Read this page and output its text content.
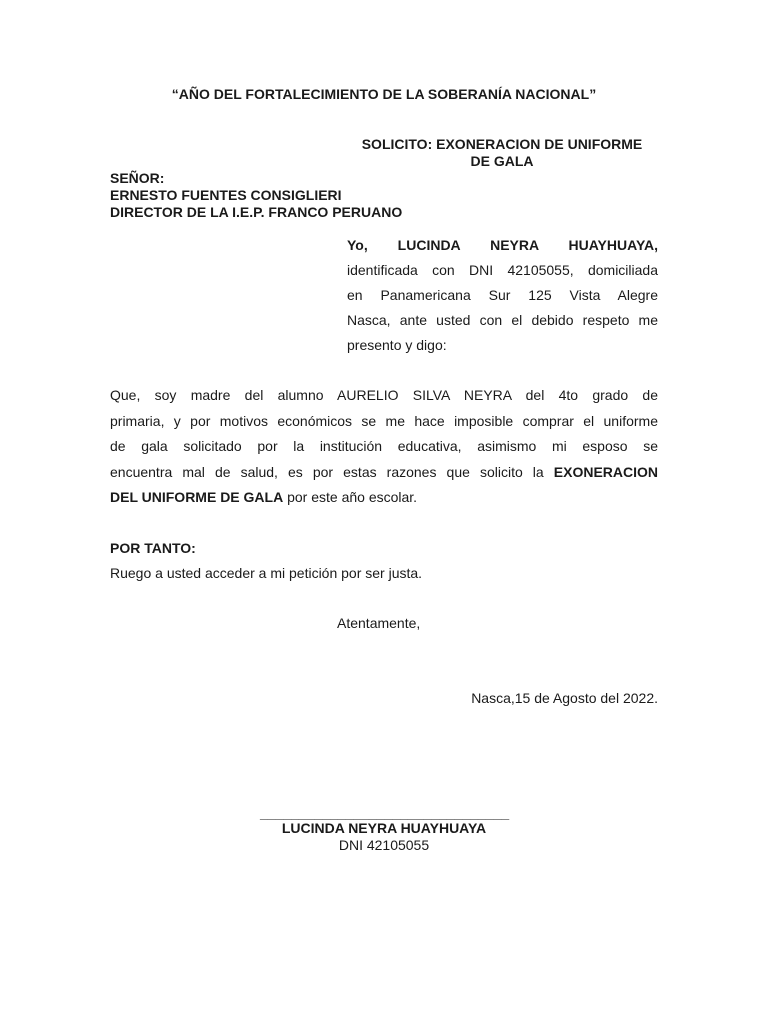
“AÑO DEL FORTALECIMIENTO DE LA SOBERANÍA NACIONAL”
SOLICITO: EXONERACION DE UNIFORME
DE GALA
SEÑOR:
ERNESTO FUENTES CONSIGLIERI
DIRECTOR DE LA I.E.P. FRANCO PERUANO
Yo, LUCINDA NEYRA HUAYHUAYA,
identificada con DNI 42105055, domiciliada
en Panamericana Sur 125 Vista Alegre
Nasca, ante usted con el debido respeto me
presento y digo:
Que, soy madre del alumno AURELIO SILVA NEYRA del 4to grado de
primaria, y por motivos económicos se me hace imposible comprar el uniforme
de gala solicitado por la institución educativa, asimismo mi esposo se
encuentra mal de salud, es por estas razones que solicito la EXONERACION
DEL UNIFORME DE GALA por este año escolar.
POR TANTO:
Ruego a usted acceder a mi petición por ser justa.
Atentamente,
Nasca,15 de Agosto del 2022.
________________________________
LUCINDA NEYRA HUAYHUAYA
DNI 42105055
